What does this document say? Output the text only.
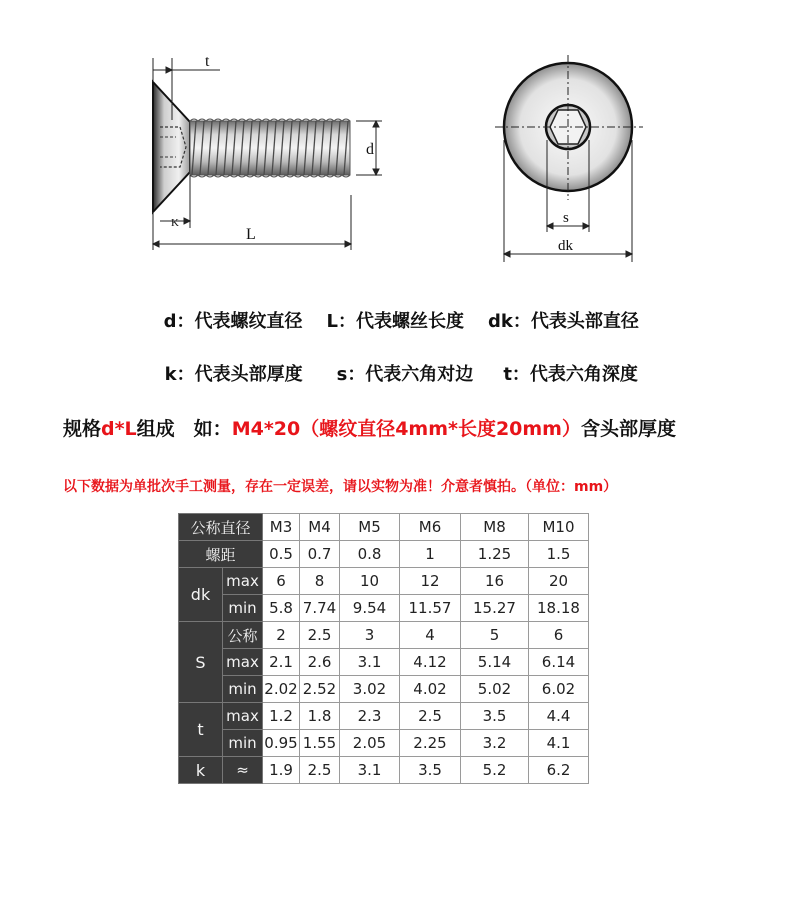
t
d
K
L
s
dk

d：代表螺纹直径 L：代表螺丝长度 dk：代表头部直径

k：代表头部厚度 s：代表六角对边 t：代表六角深度

规格d*L组成　如：M4*20（螺纹直径4mm*长度20mm）含头部厚度
以下数据为单批次手工测量，存在一定误差，请以实物为准！介意者慎拍。（单位：mm）
公称直径		M3	M4	M5	M6	M8	M10
螺距		0.5	0.7	0.8	1	1.25	1.5
dk	max	6	8	10	12	16	20
	min	5.8	7.74	9.54	11.57	15.27	18.18
S	公称	2	2.5	3	4	5	6
	max	2.1	2.6	3.1	4.12	5.14	6.14
	min	2.02	2.52	3.02	4.02	5.02	6.02
t	max	1.2	1.8	2.3	2.5	3.5	4.4
	min	0.95	1.55	2.05	2.25	3.2	4.1
k	≈	1.9	2.5	3.1	3.5	5.2	6.2
